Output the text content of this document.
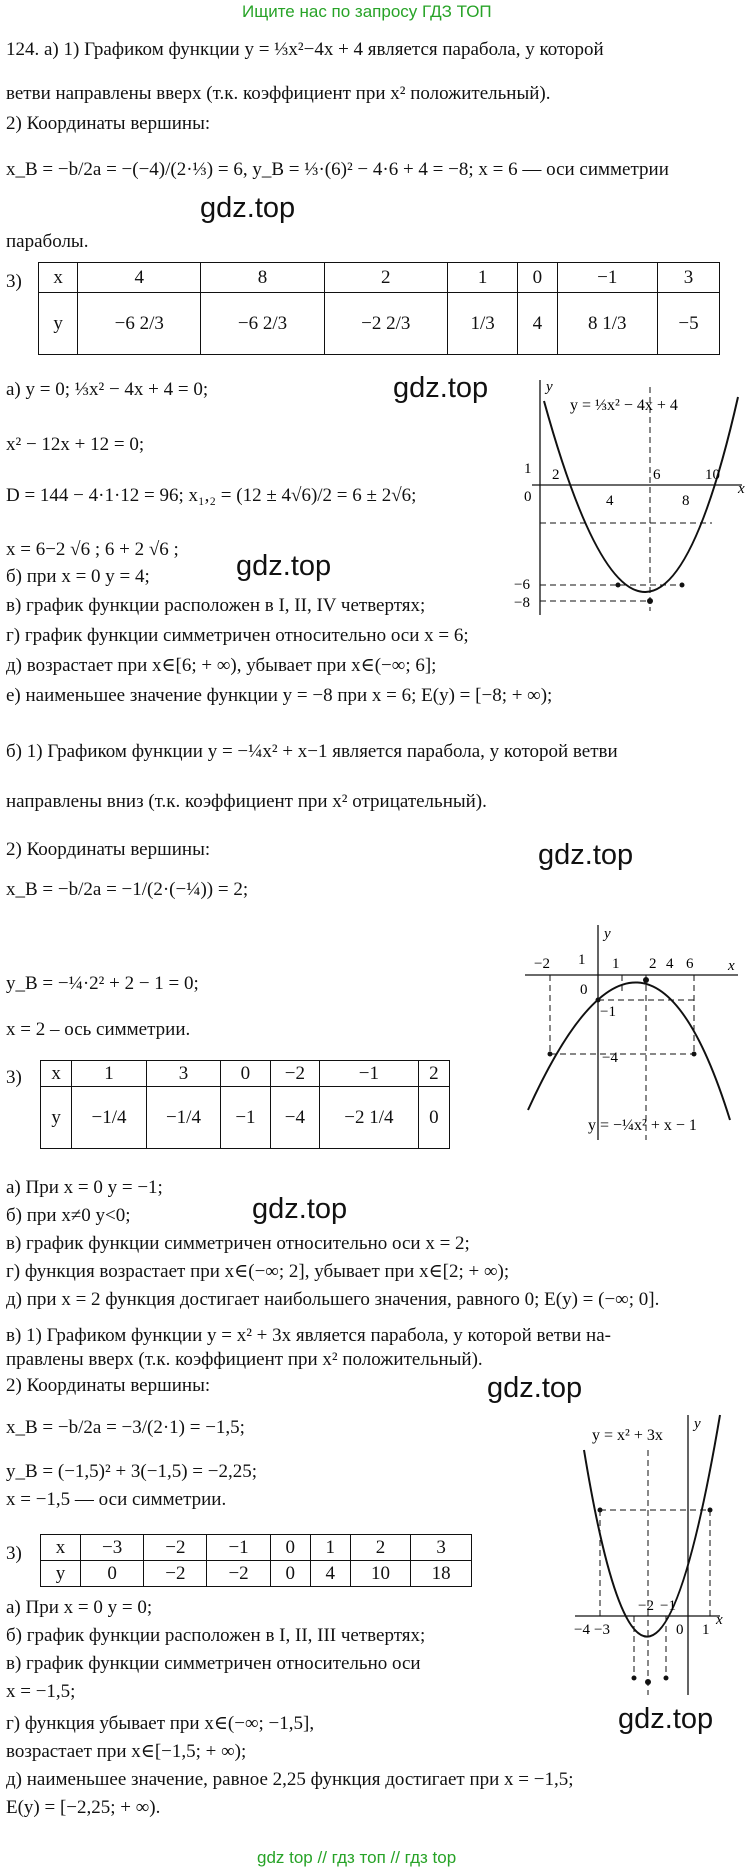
Ищите нас по запросу ГДЗ ТОП
gdz top // гдз топ // гдз top
gdz.top
gdz.top
gdz.top
gdz.top
gdz.top
gdz.top
gdz.top
124. а) 1) Графиком функции y = ⅓x²−4x + 4 является парабола, у которой
ветви направлены вверх (т.к. коэффициент при x² положительный).
2) Координаты вершины:
x_B = −b/2a = −(−4)/(2·⅓) = 6, y_B = ⅓·(6)² − 4·6 + 4 = −8; x = 6 — оси симметрии
параболы.
3) x	4	8	2	1	0	−1	3
y	−6 2/3	−6 2/3	−2 2/3	1/3	4	8 1/3	−5
а) y = 0; ⅓x² − 4x + 4 = 0;
x² − 12x + 12 = 0;
D = 144 − 4·1·12 = 96; x₁,₂ = (12 ± 4√6)/2 = 6 ± 2√6;
x = 6−2 √6 ; 6 + 2 √6 ;
б) при x = 0 y = 4;
в) график функции расположен в I, II, IV четвертях;
г) график функции симметричен относительно оси x = 6;
д) возрастает при x∈[6; + ∞), убывает при x∈(−∞; 6];
е) наименьшее значение функции y = −8 при x = 6; E(y) = [−8; + ∞);
y = ⅓x² − 4x + 4
1
0
2
4
6
8
10
−6
−8
x
y
б) 1) Графиком функции y = −¼x² + x−1 является парабола, у которой ветви
направлены вниз (т.к. коэффициент при x² отрицательный).
2) Координаты вершины:
x_B = −b/2a = −1/(2·(−¼)) = 2;
y_B = −¼·2² + 2 − 1 = 0;
x = 2 – ось симметрии.
3) x	1	3	0	−2	−1	2
y	−1/4	−1/4	−1	−4	−2 1/4	0
а) При x = 0 y = −1;
б) при x≠0 y<0;
в) график функции симметричен относительно оси x = 2;
г) функция возрастает при x∈(−∞; 2], убывает при x∈[2; + ∞);
д) при x = 2 функция достигает наибольшего значения, равного 0; E(y) = (−∞; 0].
−2 1 1 2 4 6
0
−1
−4
x
y
y = −¼x² + x − 1
в) 1) Графиком функции y = x² + 3x является парабола, у которой ветви на-
правлены вверх (т.к. коэффициент при x² положительный).
2) Координаты вершины:
x_B = −b/2a = −3/(2·1) = −1,5;
y_B = (−1,5)² + 3(−1,5) = −2,25;
x = −1,5 — оси симметрии.
3) x	−3	−2	−1	0	1	2	3
y	0	−2	−2	0	4	10	18
а) При x = 0 y = 0;
б) график функции расположен в I, II, III четвертях;
в) график функции симметричен относительно оси
x = −1,5;
г) функция убывает при x∈(−∞; −1,5],
возрастает при x∈[−1,5; + ∞);
д) наименьшее значение, равное 2,25 функция достигает при x = −1,5;
E(y) = [−2,25; + ∞).
y = x² + 3x
−4 −3
−2 −1
0 1
x
y
